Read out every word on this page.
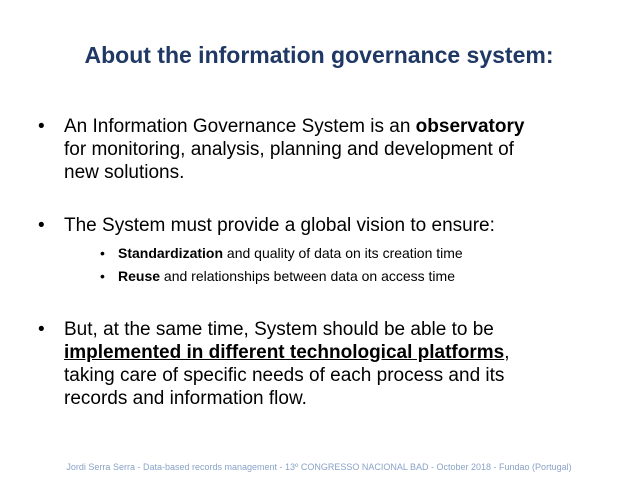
About the information governance system:
•	An Information Governance System is an observatory
for monitoring, analysis, planning and development of
new solutions.
•	The System must provide a global vision to ensure:
• Standardization and quality of data on its creation time
• Reuse and relationships between data on access time
•	But, at the same time, System should be able to be
implemented in different technological platforms,
taking care of specific needs of each process and its
records and information flow.
Jordi Serra Serra - Data-based records management - 13º CONGRESSO NACIONAL BAD - October 2018 - Fundao (Portugal)
